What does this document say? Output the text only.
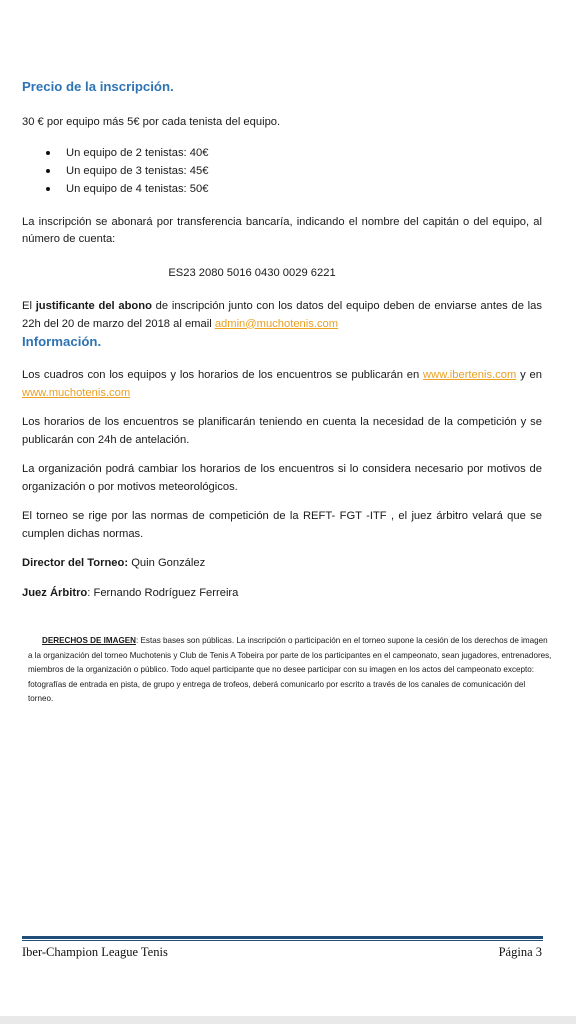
Precio de la inscripción.

30 € por equipo más 5€ por cada tenista del equipo.

Un equipo de 2 tenistas: 40€
Un equipo de 3 tenistas: 45€
Un equipo de 4 tenistas: 50€

La inscripción se abonará por transferencia bancaría, indicando el nombre del capitán o del equipo, al número de cuenta:

ES23 2080 5016 0430 0029 6221

El justificante del abono de inscripción junto con los datos del equipo deben de enviarse antes de las 22h del 20 de marzo del 2018 al email admin@muchotenis.com

Información.

Los cuadros con los equipos y los horarios de los encuentros se publicarán en www.ibertenis.com y en www.muchotenis.com

Los horarios de los encuentros se planificarán teniendo en cuenta la necesidad de la competición y se publicarán con 24h de antelación.

La organización podrá cambiar los horarios de los encuentros si lo considera necesario por motivos de organización o por motivos meteorológicos.

El torneo se rige por las normas de competición de la REFT- FGT -ITF , el juez árbitro velará que se cumplen dichas normas.

Director del Torneo: Quin González

Juez Árbitro: Fernando Rodríguez Ferreira

DERECHOS DE IMAGEN: Estas bases son públicas. La inscripción o participación en el torneo supone la cesión de los derechos de imagen a la organización del torneo Muchotenis y Club de Tenis A Tobeira por parte de los participantes en el campeonato, sean jugadores, entrenadores, miembros de la organización o público. Todo aquel participante que no desee participar con su imagen en los actos del campeonato excepto: fotografías de entrada en pista, de grupo y entrega de trofeos, deberá comunicarlo por escrito a través de los canales de comunicación del torneo.
Iber-Champion League Tenis	Página 3
